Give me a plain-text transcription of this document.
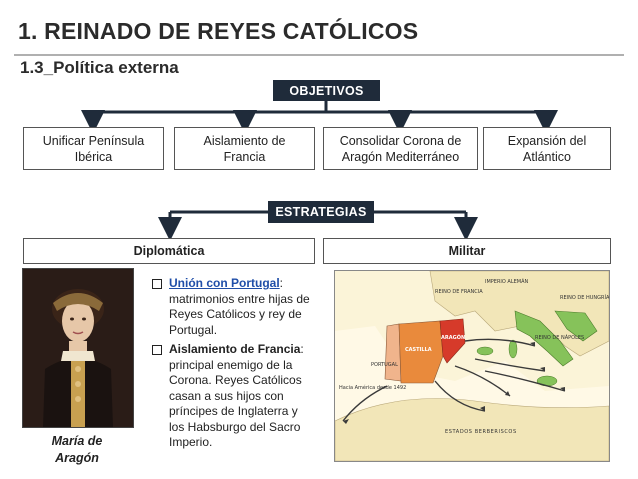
1. REINADO DE REYES CATÓLICOS
1.3_Política externa
OBJETIVOS
Unificar Península
Ibérica
Aislamiento de
Francia
Consolidar Corona de
Aragón Mediterráneo
Expansión del
Atlántico
ESTRATEGIAS
Diplomática	Militar
María de
Aragón
Unión con Portugal: matrimonios entre hijas de Reyes Católicos y rey de Portugal.
Aislamiento de Francia: principal enemigo de la Corona. Reyes Católicos casan a sus hijos con príncipes de Inglaterra y los Habsburgo del Sacro Imperio.
IMPERIO ALEMÁN
REINO DE FRANCIA
REINO DE HUNGRÍA
CASTILLA
ARAGÓN	REINO DE NÁPOLES
PORTUGAL
ESTADOS BERBERISCOS
Hacia América desde 1492
